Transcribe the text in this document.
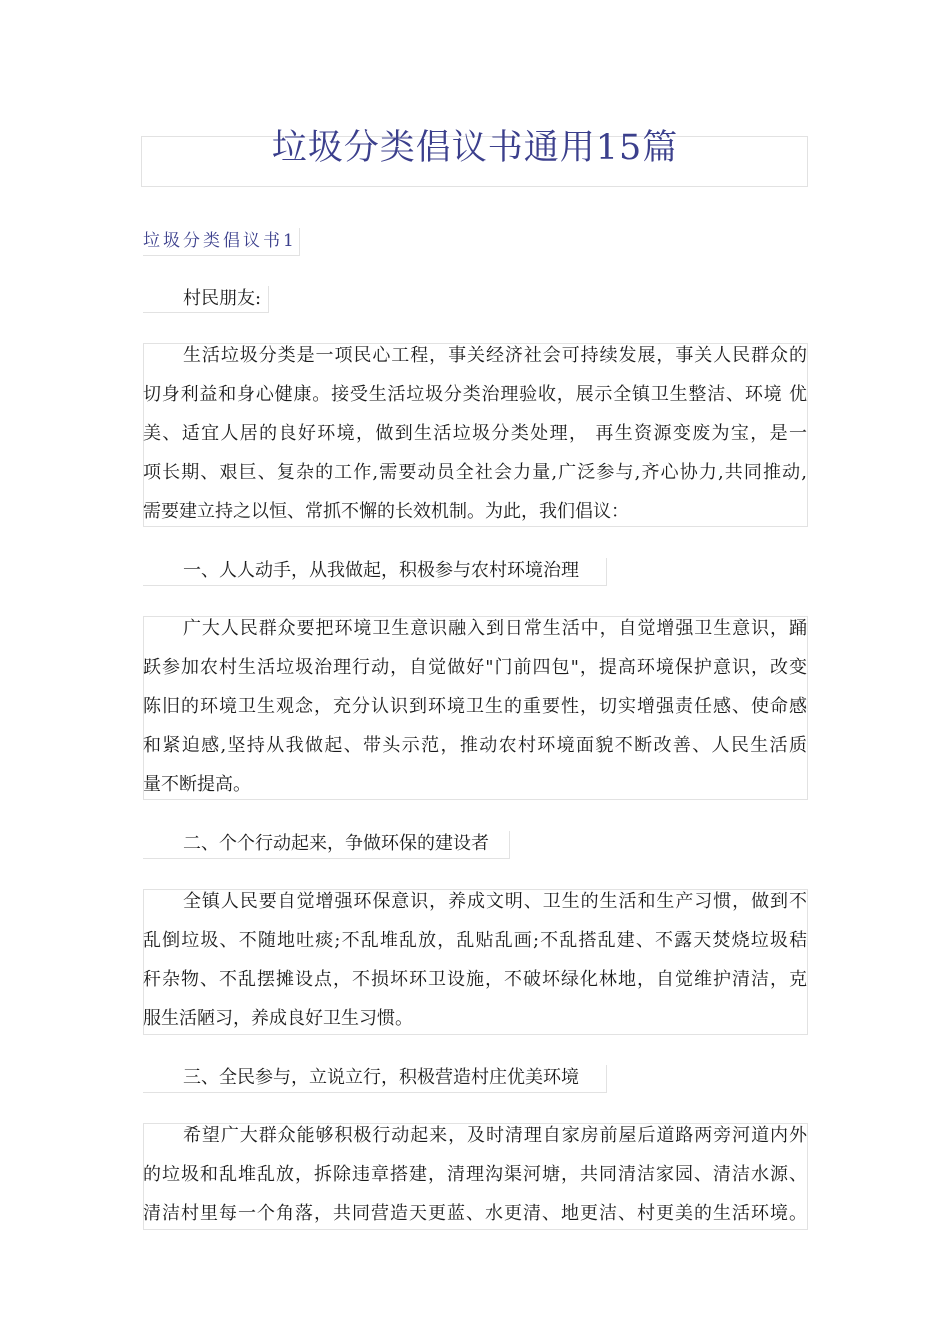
垃圾分类倡议书通用15篇
垃圾分类倡议书1
村民朋友:
生活垃圾分类是一项民心工程，事关经济社会可持续发展，事关人民群众的
切身利益和身心健康。接受生活垃圾分类治理验收，展示全镇卫生整洁、环境 优
美、适宜人居的良好环境，做到生活垃圾分类处理， 再生资源变废为宝，是一
项长期、艰巨、复杂的工作,需要动员全社会力量,广泛参与,齐心协力,共同推动,
需要建立持之以恒、常抓不懈的长效机制。为此，我们倡议：
一、人人动手，从我做起，积极参与农村环境治理
广大人民群众要把环境卫生意识融入到日常生活中，自觉增强卫生意识，踊
跃参加农村生活垃圾治理行动，自觉做好"门前四包"，提高环境保护意识，改变
陈旧的环境卫生观念，充分认识到环境卫生的重要性，切实增强责任感、使命感
和紧迫感,坚持从我做起、带头示范，推动农村环境面貌不断改善、人民生活质
量不断提高。
二、个个行动起来，争做环保的建设者
全镇人民要自觉增强环保意识，养成文明、卫生的生活和生产习惯，做到不
乱倒垃圾、不随地吐痰;不乱堆乱放，乱贴乱画;不乱搭乱建、不露天焚烧垃圾秸
秆杂物、不乱摆摊设点，不损坏环卫设施，不破坏绿化林地，自觉维护清洁，克
服生活陋习，养成良好卫生习惯。
三、全民参与，立说立行，积极营造村庄优美环境
希望广大群众能够积极行动起来，及时清理自家房前屋后道路两旁河道内外
的垃圾和乱堆乱放，拆除违章搭建，清理沟渠河塘，共同清洁家园、清洁水源、
清洁村里每一个角落，共同营造天更蓝、水更清、地更洁、村更美的生活环境。
